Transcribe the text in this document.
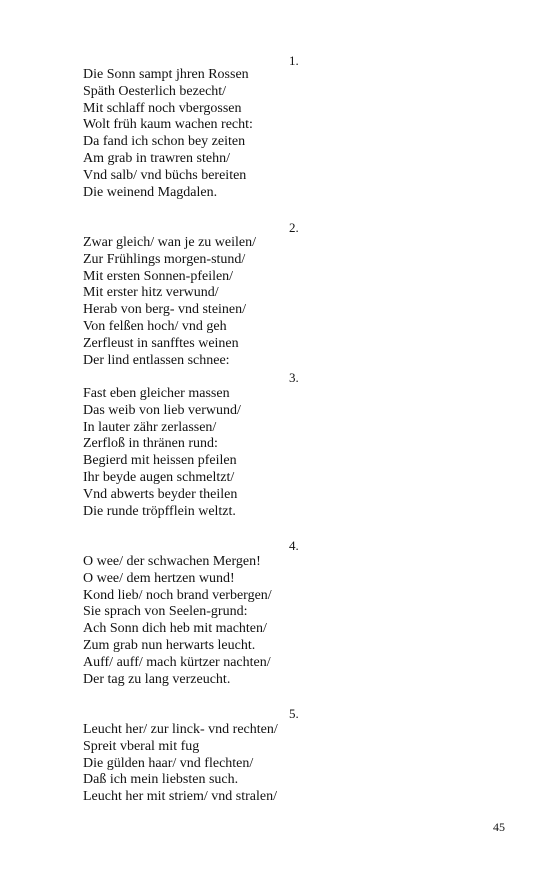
1.
Die Sonn sampt jhren Rossen
Späth Oesterlich bezecht/
Mit schlaff noch vbergossen
Wolt früh kaum wachen recht:
Da fand ich schon bey zeiten
Am grab in trawren stehn/
Vnd salb/ vnd büchs bereiten
Die weinend Magdalen.
2.
Zwar gleich/ wan je zu weilen/
Zur Frühlings morgen-stund/
Mit ersten Sonnen-pfeilen/
Mit erster hitz verwund/
Herab von berg- vnd steinen/
Von felßen hoch/ vnd geh
Zerfleust in sanfftes weinen
Der lind entlassen schnee:
3.
Fast eben gleicher massen
Das weib von lieb verwund/
In lauter zähr zerlassen/
Zerfloß in thränen rund:
Begierd mit heissen pfeilen
Ihr beyde augen schmeltzt/
Vnd abwerts beyder theilen
Die runde tröpfflein weltzt.
4.
O wee/ der schwachen Mergen!
O wee/ dem hertzen wund!
Kond lieb/ noch brand verbergen/
Sie sprach von Seelen-grund:
Ach Sonn dich heb mit machten/
Zum grab nun herwarts leucht.
Auff/ auff/ mach kürtzer nachten/
Der tag zu lang verzeucht.
5.
Leucht her/ zur linck- vnd rechten/
Spreit vberal mit fug
Die gülden haar/ vnd flechten/
Daß ich mein liebsten such.
Leucht her mit striem/ vnd stralen/
45
